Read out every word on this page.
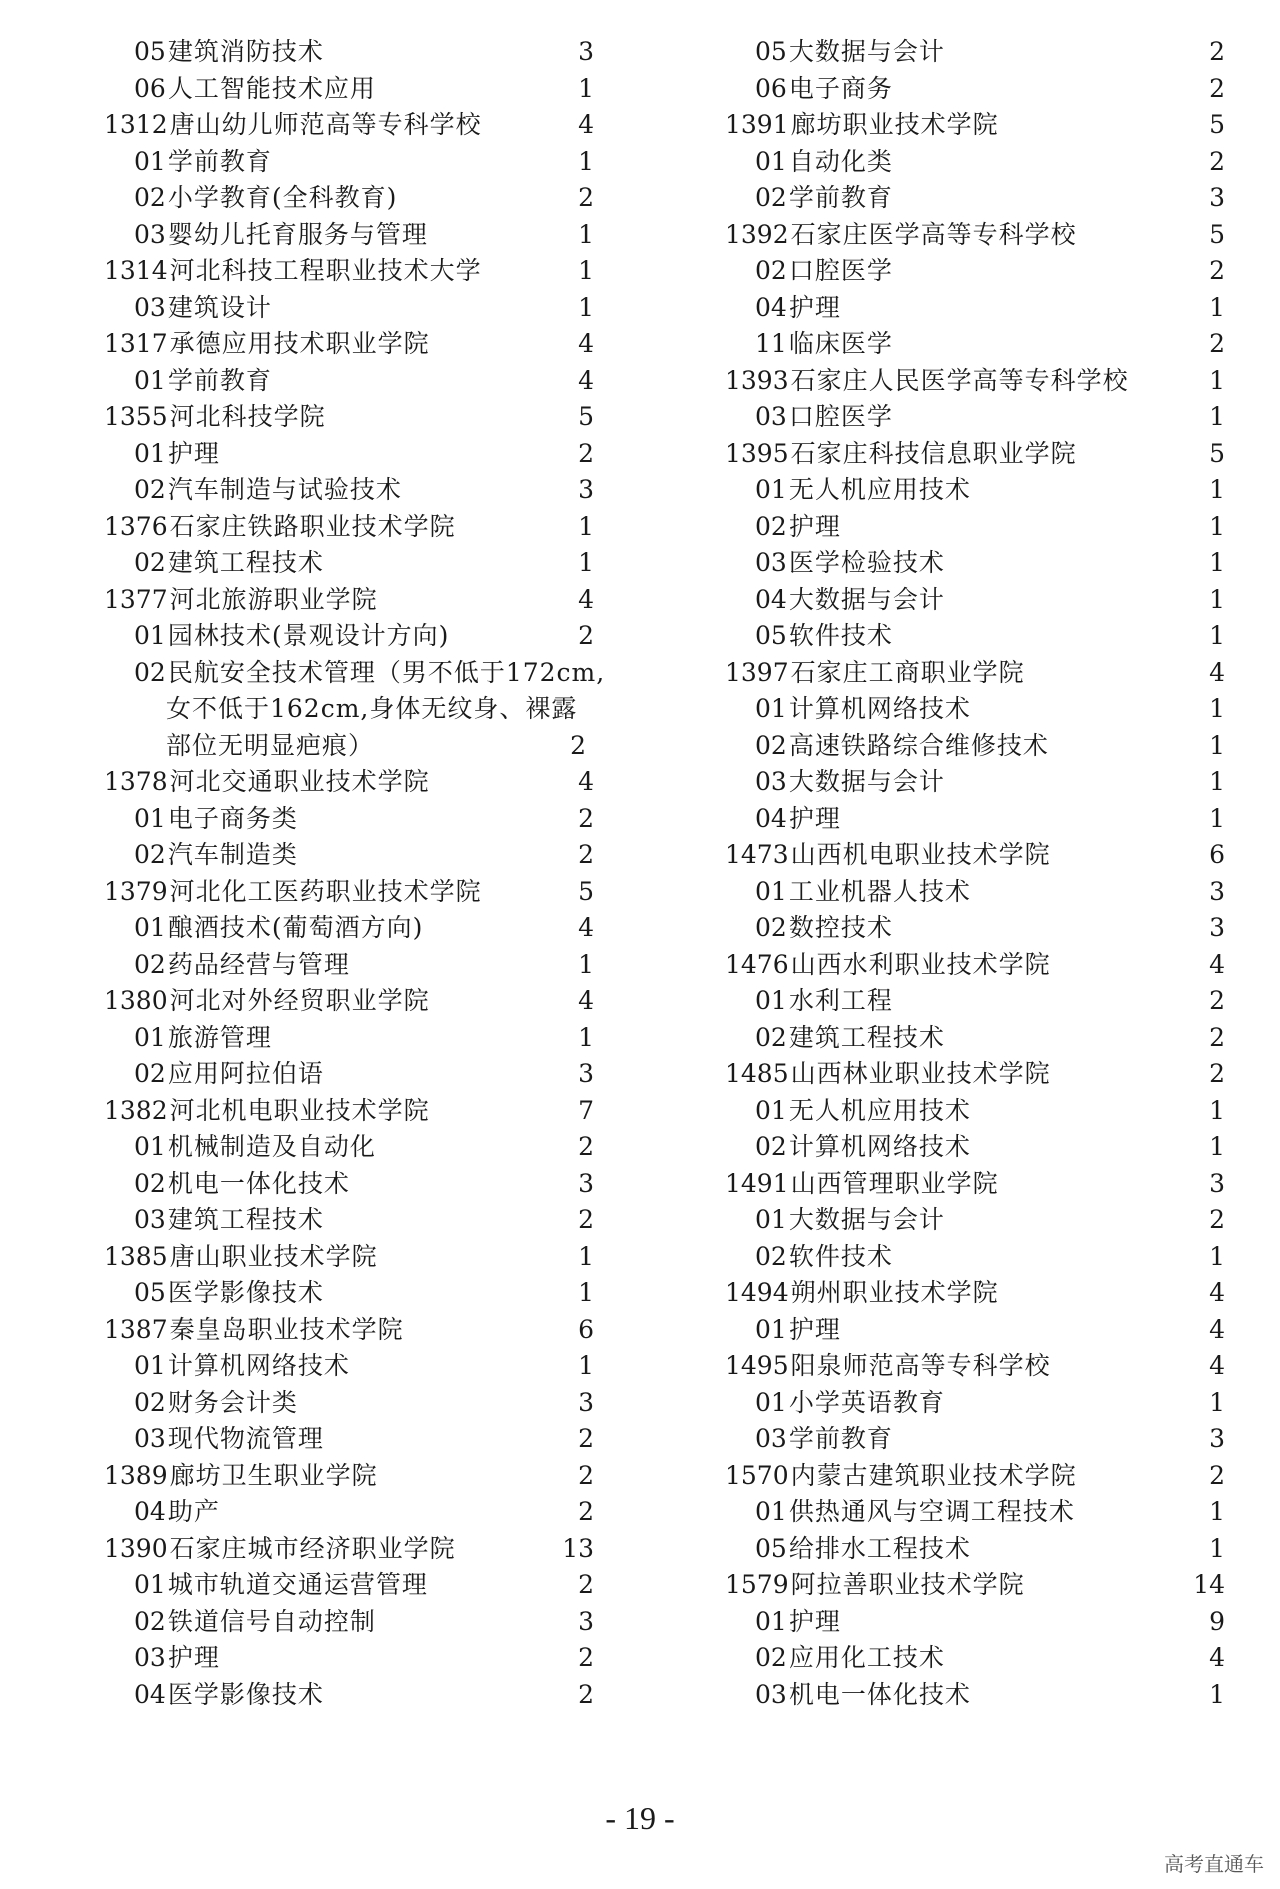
05建筑消防技术	3
06人工智能技术应用	1
1312唐山幼儿师范高等专科学校	4
01学前教育	1
02小学教育(全科教育)	2
03婴幼儿托育服务与管理	1
1314河北科技工程职业技术大学	1
03建筑设计	1
1317承德应用技术职业学院	4
01学前教育	4
1355河北科技学院	5
01护理	2
02汽车制造与试验技术	3
1376石家庄铁路职业技术学院	1
02建筑工程技术	1
1377河北旅游职业学院	4
01园林技术(景观设计方向)	2
02民航安全技术管理（男不低于172cm,
女不低于162cm,身体无纹身、裸露
部位无明显疤痕）	2
1378河北交通职业技术学院	4
01电子商务类	2
02汽车制造类	2
1379河北化工医药职业技术学院	5
01酿酒技术(葡萄酒方向)	4
02药品经营与管理	1
1380河北对外经贸职业学院	4
01旅游管理	1
02应用阿拉伯语	3
1382河北机电职业技术学院	7
01机械制造及自动化	2
02机电一体化技术	3
03建筑工程技术	2
1385唐山职业技术学院	1
05医学影像技术	1
1387秦皇岛职业技术学院	6
01计算机网络技术	1
02财务会计类	3
03现代物流管理	2
1389廊坊卫生职业学院	2
04助产	2
1390石家庄城市经济职业学院	13
01城市轨道交通运营管理	2
02铁道信号自动控制	3
03护理	2
04医学影像技术	2
05大数据与会计	2
06电子商务	2
1391廊坊职业技术学院	5
01自动化类	2
02学前教育	3
1392石家庄医学高等专科学校	5
02口腔医学	2
04护理	1
11临床医学	2
1393石家庄人民医学高等专科学校	1
03口腔医学	1
1395石家庄科技信息职业学院	5
01无人机应用技术	1
02护理	1
03医学检验技术	1
04大数据与会计	1
05软件技术	1
1397石家庄工商职业学院	4
01计算机网络技术	1
02高速铁路综合维修技术	1
03大数据与会计	1
04护理	1
1473山西机电职业技术学院	6
01工业机器人技术	3
02数控技术	3
1476山西水利职业技术学院	4
01水利工程	2
02建筑工程技术	2
1485山西林业职业技术学院	2
01无人机应用技术	1
02计算机网络技术	1
1491山西管理职业学院	3
01大数据与会计	2
02软件技术	1
1494朔州职业技术学院	4
01护理	4
1495阳泉师范高等专科学校	4
01小学英语教育	1
03学前教育	3
1570内蒙古建筑职业技术学院	2
01供热通风与空调工程技术	1
05给排水工程技术	1
1579阿拉善职业技术学院	14
01护理	9
02应用化工技术	4
03机电一体化技术	1
- 19 -
高考直通车
